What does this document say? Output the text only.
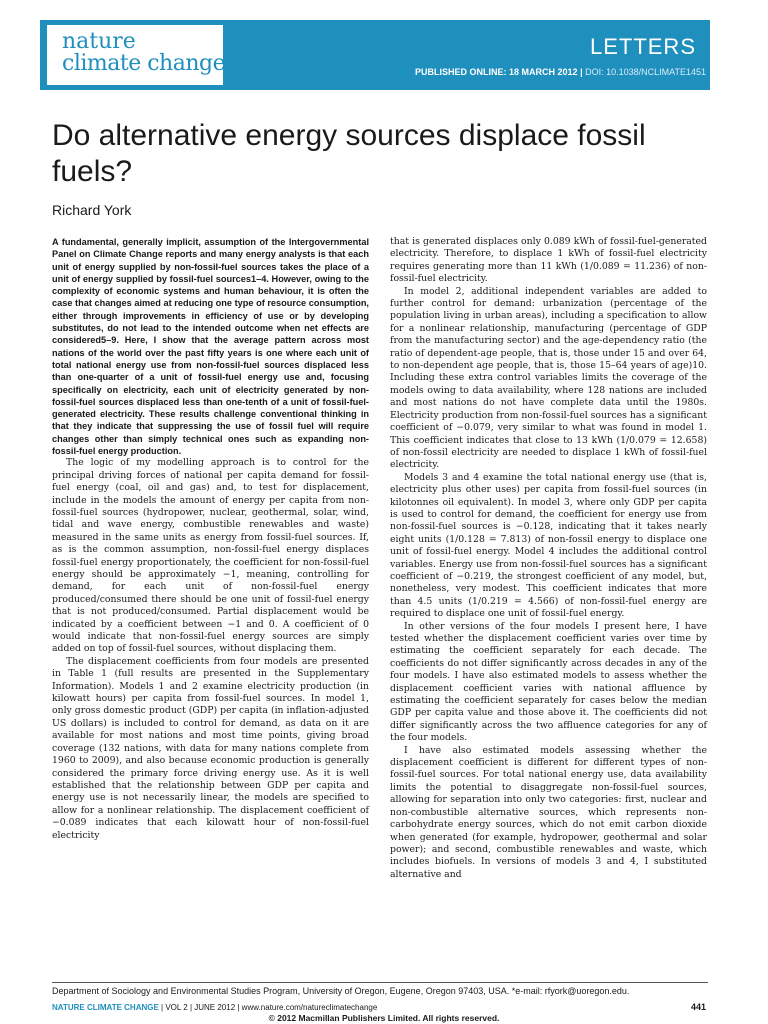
nature
climate change
LETTERS
PUBLISHED ONLINE: 18 MARCH 2012 | DOI: 10.1038/NCLIMATE1451
Do alternative energy sources displace fossil fuels?
Richard York

A fundamental, generally implicit, assumption of the Intergovernmental Panel on Climate Change reports and many energy analysts is that each unit of energy supplied by non-fossil-fuel sources takes the place of a unit of energy supplied by fossil-fuel sources1–4. However, owing to the complexity of economic systems and human behaviour, it is often the case that changes aimed at reducing one type of resource consumption, either through improvements in efficiency of use or by developing substitutes, do not lead to the intended outcome when net effects are considered5–9. Here, I show that the average pattern across most nations of the world over the past fifty years is one where each unit of total national energy use from non-fossil-fuel sources displaced less than one-quarter of a unit of fossil-fuel energy use and, focusing specifically on electricity, each unit of electricity generated by non-fossil-fuel sources displaced less than one-tenth of a unit of fossil-fuel-generated electricity. These results challenge conventional thinking in that they indicate that suppressing the use of fossil fuel will require changes other than simply technical ones such as expanding non-fossil-fuel energy production.

The logic of my modelling approach is to control for the principal driving forces of national per capita demand for fossil-fuel energy (coal, oil and gas) and, to test for displacement, include in the models the amount of energy per capita from non-fossil-fuel sources (hydropower, nuclear, geothermal, solar, wind, tidal and wave energy, combustible renewables and waste) measured in the same units as energy from fossil-fuel sources. If, as is the common assumption, non-fossil-fuel energy displaces fossil-fuel energy proportionately, the coefficient for non-fossil-fuel energy should be approximately −1, meaning, controlling for demand, for each unit of non-fossil-fuel energy produced/consumed there should be one unit of fossil-fuel energy that is not produced/consumed. Partial displacement would be indicated by a coefficient between −1 and 0. A coefficient of 0 would indicate that non-fossil-fuel energy sources are simply added on top of fossil-fuel sources, without displacing them.

The displacement coefficients from four models are presented in Table 1 (full results are presented in the Supplementary Information). Models 1 and 2 examine electricity production (in kilowatt hours) per capita from fossil-fuel sources. In model 1, only gross domestic product (GDP) per capita (in inflation-adjusted US dollars) is included to control for demand, as data on it are available for most nations and most time points, giving broad coverage (132 nations, with data for many nations complete from 1960 to 2009), and also because economic production is generally considered the primary force driving energy use. As it is well established that the relationship between GDP per capita and energy use is not necessarily linear, the models are specified to allow for a nonlinear relationship. The displacement coefficient of −0.089 indicates that each kilowatt hour of non-fossil-fuel electricity

that is generated displaces only 0.089 kWh of fossil-fuel-generated electricity. Therefore, to displace 1 kWh of fossil-fuel electricity requires generating more than 11 kWh (1/0.089 = 11.236) of non-fossil-fuel electricity.

In model 2, additional independent variables are added to further control for demand: urbanization (percentage of the population living in urban areas), including a specification to allow for a nonlinear relationship, manufacturing (percentage of GDP from the manufacturing sector) and the age-dependency ratio (the ratio of dependent-age people, that is, those under 15 and over 64, to non-dependent age people, that is, those 15–64 years of age)10. Including these extra control variables limits the coverage of the models owing to data availability, where 128 nations are included and most nations do not have complete data until the 1980s. Electricity production from non-fossil-fuel sources has a significant coefficient of −0.079, very similar to what was found in model 1. This coefficient indicates that close to 13 kWh (1/0.079 = 12.658) of non-fossil electricity are needed to displace 1 kWh of fossil-fuel electricity.

Models 3 and 4 examine the total national energy use (that is, electricity plus other uses) per capita from fossil-fuel sources (in kilotonnes oil equivalent). In model 3, where only GDP per capita is used to control for demand, the coefficient for energy use from non-fossil-fuel sources is −0.128, indicating that it takes nearly eight units (1/0.128 = 7.813) of non-fossil energy to displace one unit of fossil-fuel energy. Model 4 includes the additional control variables. Energy use from non-fossil-fuel sources has a significant coefficient of −0.219, the strongest coefficient of any model, but, nonetheless, very modest. This coefficient indicates that more than 4.5 units (1/0.219 = 4.566) of non-fossil-fuel energy are required to displace one unit of fossil-fuel energy.

In other versions of the four models I present here, I have tested whether the displacement coefficient varies over time by estimating the coefficient separately for each decade. The coefficients do not differ significantly across decades in any of the four models. I have also estimated models to assess whether the displacement coefficient varies with national affluence by estimating the coefficient separately for cases below the median GDP per capita value and those above it. The coefficients did not differ significantly across the two affluence categories for any of the four models.

I have also estimated models assessing whether the displacement coefficient is different for different types of non-fossil-fuel sources. For total national energy use, data availability limits the potential to disaggregate non-fossil-fuel sources, allowing for separation into only two categories: first, nuclear and non-combustible alternative sources, which represents non-carbohydrate energy sources, which do not emit carbon dioxide when generated (for example, hydropower, geothermal and solar power); and second, combustible renewables and waste, which includes biofuels. In versions of models 3 and 4, I substituted alternative and

Department of Sociology and Environmental Studies Program, University of Oregon, Eugene, Oregon 97403, USA. *e-mail: rfyork@uoregon.edu.
NATURE CLIMATE CHANGE | VOL 2 | JUNE 2012 | www.nature.com/natureclimatechange	441
© 2012 Macmillan Publishers Limited. All rights reserved.
